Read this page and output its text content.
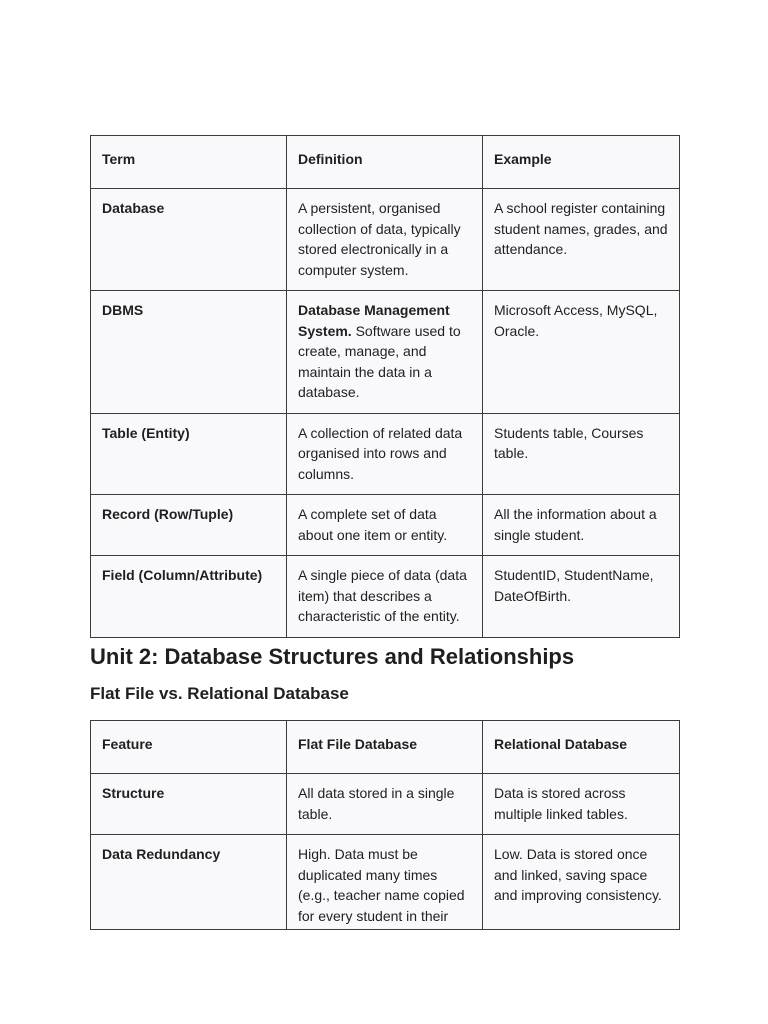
Term	Definition	Example
Database	A persistent, organised collection of data, typically stored electronically in a computer system.	A school register containing student names, grades, and attendance.
DBMS	Database Management System. Software used to create, manage, and maintain the data in a database.	Microsoft Access, MySQL, Oracle.
Table (Entity)	A collection of related data organised into rows and columns.	Students table, Courses table.
Record (Row/Tuple)	A complete set of data about one item or entity.	All the information about a single student.
Field (Column/Attribute)	A single piece of data (data item) that describes a characteristic of the entity.	StudentID, StudentName, DateOfBirth.
Unit 2: Database Structures and Relationships
Flat File vs. Relational Database
Feature	Flat File Database	Relational Database
Structure	All data stored in a single table.	Data is stored across multiple linked tables.
Data Redundancy	High. Data must be duplicated many times (e.g., teacher name copied for every student in their	Low. Data is stored once and linked, saving space and improving consistency.
